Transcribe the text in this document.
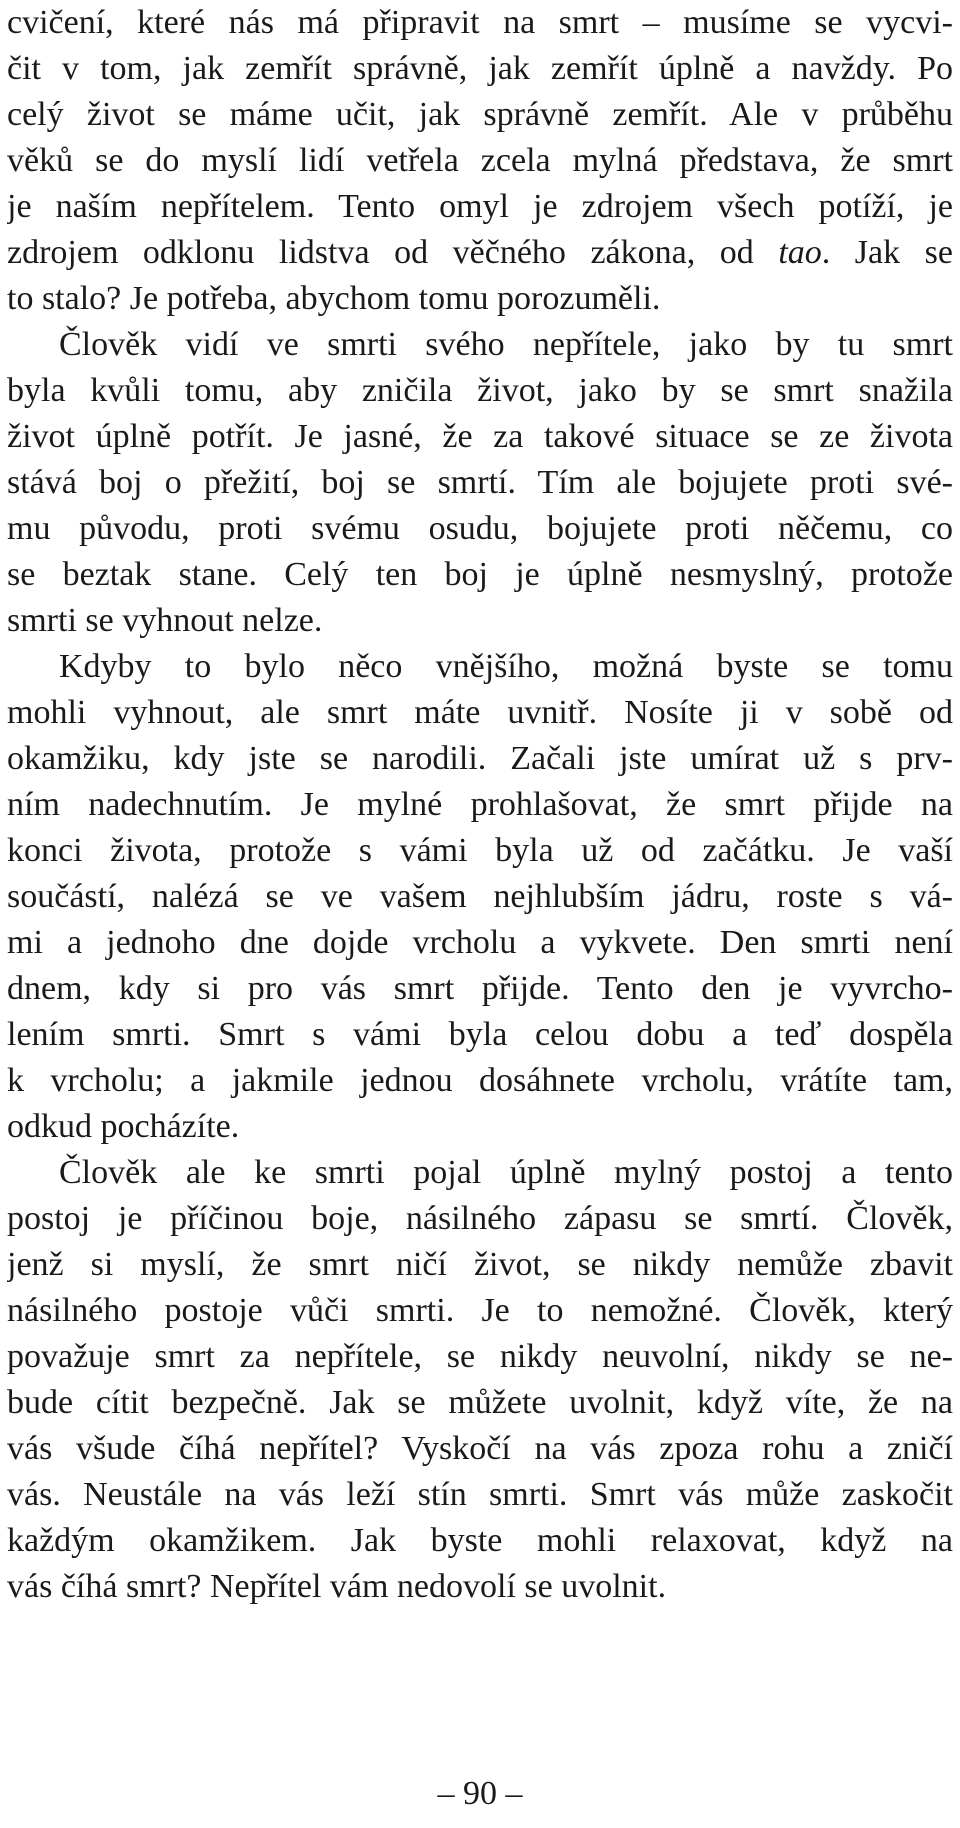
cvičení, které nás má připravit na smrt – musíme se vycvi-
čit v tom, jak zemřít správně, jak zemřít úplně a navždy. Po
celý život se máme učit, jak správně zemřít. Ale v průběhu
věků se do myslí lidí vetřela zcela mylná představa, že smrt
je naším nepřítelem. Tento omyl je zdrojem všech potíží, je
zdrojem odklonu lidstva od věčného zákona, od tao. Jak se
to stalo? Je potřeba, abychom tomu porozuměli.
Člověk vidí ve smrti svého nepřítele, jako by tu smrt
byla kvůli tomu, aby zničila život, jako by se smrt snažila
život úplně potřít. Je jasné, že za takové situace se ze života
stává boj o přežití, boj se smrtí. Tím ale bojujete proti své-
mu původu, proti svému osudu, bojujete proti něčemu, co
se beztak stane. Celý ten boj je úplně nesmyslný, protože
smrti se vyhnout nelze.
Kdyby to bylo něco vnějšího, možná byste se tomu
mohli vyhnout, ale smrt máte uvnitř. Nosíte ji v sobě od
okamžiku, kdy jste se narodili. Začali jste umírat už s prv-
ním nadechnutím. Je mylné prohlašovat, že smrt přijde na
konci života, protože s vámi byla už od začátku. Je vaší
součástí, nalézá se ve vašem nejhlubším jádru, roste s vá-
mi a jednoho dne dojde vrcholu a vykvete. Den smrti není
dnem, kdy si pro vás smrt přijde. Tento den je vyvrcho-
lením smrti. Smrt s vámi byla celou dobu a teď dospěla
k vrcholu; a jakmile jednou dosáhnete vrcholu, vrátíte tam,
odkud pocházíte.
Člověk ale ke smrti pojal úplně mylný postoj a tento
postoj je příčinou boje, násilného zápasu se smrtí. Člověk,
jenž si myslí, že smrt ničí život, se nikdy nemůže zbavit
násilného postoje vůči smrti. Je to nemožné. Člověk, který
považuje smrt za nepřítele, se nikdy neuvolní, nikdy se ne-
bude cítit bezpečně. Jak se můžete uvolnit, když víte, že na
vás všude číhá nepřítel? Vyskočí na vás zpoza rohu a zničí
vás. Neustále na vás leží stín smrti. Smrt vás může zaskočit
každým okamžikem. Jak byste mohli relaxovat, když na
vás číhá smrt? Nepřítel vám nedovolí se uvolnit.
– 90 –
